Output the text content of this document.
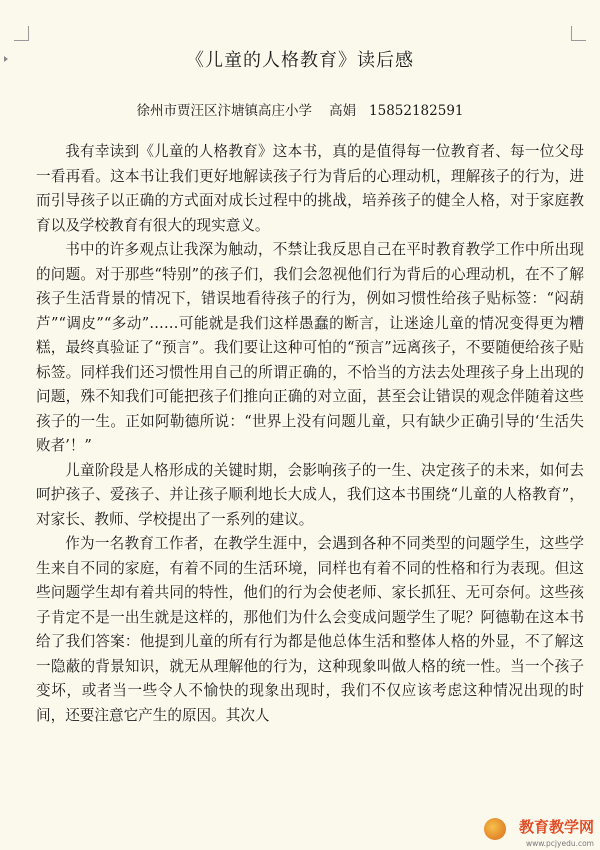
《儿童的人格教育》读后感
徐州市贾汪区汴塘镇高庄小学    高娟   15852182591

我有幸读到《儿童的人格教育》这本书，真的是值得每一位教育者、每一位父母一看再看。这本书让我们更好地解读孩子行为背后的心理动机，理解孩子的行为，进而引导孩子以正确的方式面对成长过程中的挑战，培养孩子的健全人格，对于家庭教育以及学校教育有很大的现实意义。

书中的许多观点让我深为触动，不禁让我反思自己在平时教育教学工作中所出现的问题。对于那些“特别”的孩子们，我们会忽视他们行为背后的心理动机，在不了解孩子生活背景的情况下，错误地看待孩子的行为，例如习惯性给孩子贴标签：“闷葫芦”“调皮”“多动”……可能就是我们这样愚蠢的断言，让迷途儿童的情况变得更为糟糕，最终真验证了“预言”。我们要让这种可怕的“预言”远离孩子，不要随便给孩子贴标签。同样我们还习惯性用自己的所谓正确的，不恰当的方法去处理孩子身上出现的问题，殊不知我们可能把孩子们推向正确的对立面，甚至会让错误的观念伴随着这些孩子的一生。正如阿勒德所说：“世界上没有问题儿童，只有缺少正确引导的‘生活失败者’！”

儿童阶段是人格形成的关键时期，会影响孩子的一生、决定孩子的未来，如何去呵护孩子、爱孩子、并让孩子顺利地长大成人，我们这本书围绕“儿童的人格教育”，对家长、教师、学校提出了一系列的建议。

作为一名教育工作者，在教学生涯中，会遇到各种不同类型的问题学生，这些学生来自不同的家庭，有着不同的生活环境，同样也有着不同的性格和行为表现。但这些问题学生却有着共同的特性，他们的行为会使老师、家长抓狂、无可奈何。这些孩子肯定不是一出生就是这样的，那他们为什么会变成问题学生了呢？阿德勒在这本书给了我们答案：他提到儿童的所有行为都是他总体生活和整体人格的外显，不了解这一隐蔽的背景知识，就无从理解他的行为，这种现象叫做人格的统一性。当一个孩子变坏，或者当一些令人不愉快的现象出现时，我们不仅应该考虑这种情况出现的时间，还要注意它产生的原因。其次人

教育教学网
www.pcjyedu.com
